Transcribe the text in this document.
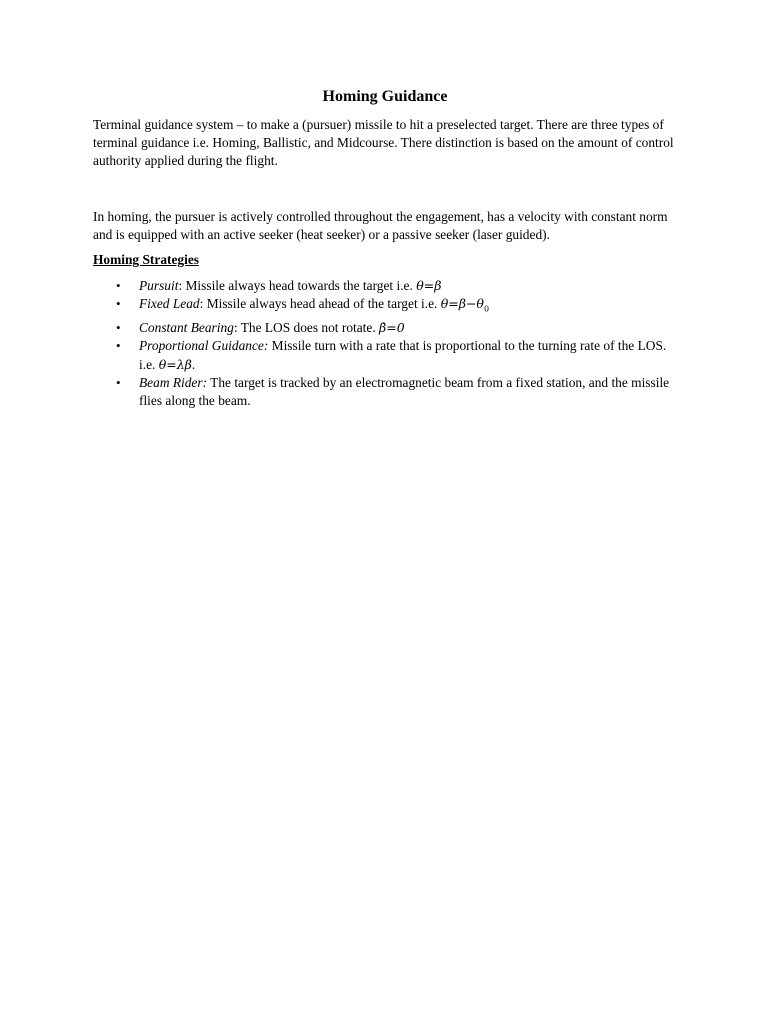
Homing Guidance

Terminal guidance system – to make a (pursuer) missile to hit a preselected target. There are three types of terminal guidance i.e. Homing, Ballistic, and Midcourse. There distinction is based on the amount of control authority applied during the flight.

In homing, the pursuer is actively controlled throughout the engagement, has a velocity with constant norm and is equipped with an active seeker (heat seeker) or a passive seeker (laser guided).

Homing Strategies
• Pursuit: Missile always head towards the target i.e. θ=β
• Fixed Lead: Missile always head ahead of the target i.e. $\theta=\beta-\theta_0$
• Constant Bearing: The LOS does not rotate. β̇=0
• Proportional Guidance: Missile turn with a rate that is proportional to the turning rate of the LOS. i.e. θ=λβ.
• Beam Rider: The target is tracked by an electromagnetic beam from a fixed station, and the missile flies along the beam.
